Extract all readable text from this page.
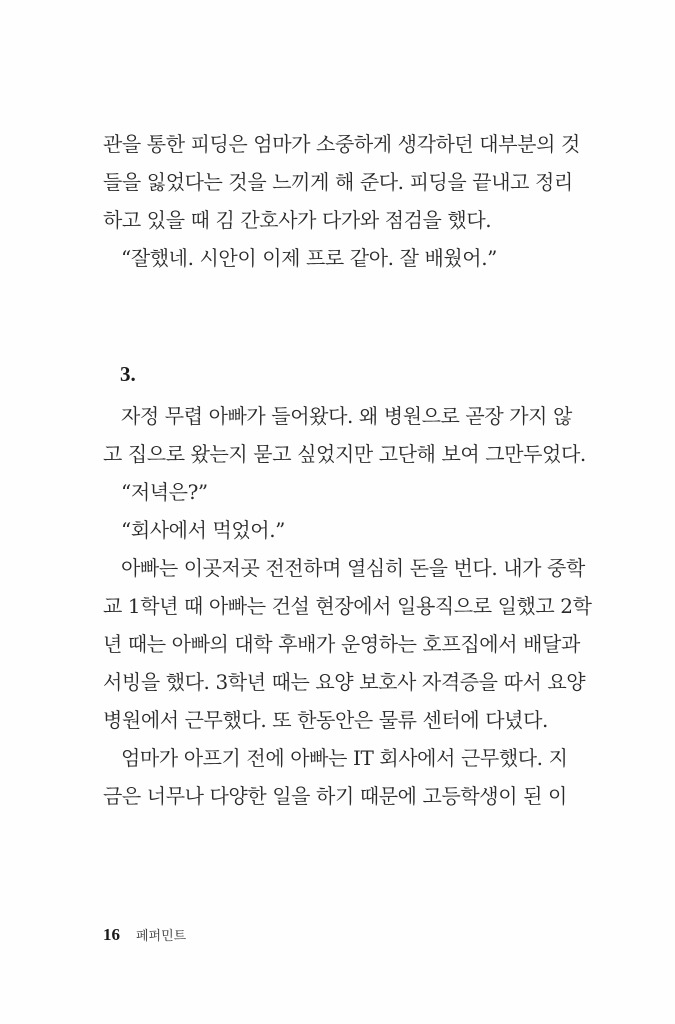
관을 통한 피딩은 엄마가 소중하게 생각하던 대부분의 것
들을 잃었다는 것을 느끼게 해 준다. 피딩을 끝내고 정리
하고 있을 때 김 간호사가 다가와 점검을 했다.
“잘했네. 시안이 이제 프로 같아. 잘 배웠어.”
3.
자정 무렵 아빠가 들어왔다. 왜 병원으로 곧장 가지 않
고 집으로 왔는지 묻고 싶었지만 고단해 보여 그만두었다.
“저녁은?”
“회사에서 먹었어.”
아빠는 이곳저곳 전전하며 열심히 돈을 번다. 내가 중학
교 1학년 때 아빠는 건설 현장에서 일용직으로 일했고 2학
년 때는 아빠의 대학 후배가 운영하는 호프집에서 배달과
서빙을 했다. 3학년 때는 요양 보호사 자격증을 따서 요양
병원에서 근무했다. 또 한동안은 물류 센터에 다녔다.
엄마가 아프기 전에 아빠는 IT 회사에서 근무했다. 지
금은 너무나 다양한 일을 하기 때문에 고등학생이 된 이
16 페퍼민트
